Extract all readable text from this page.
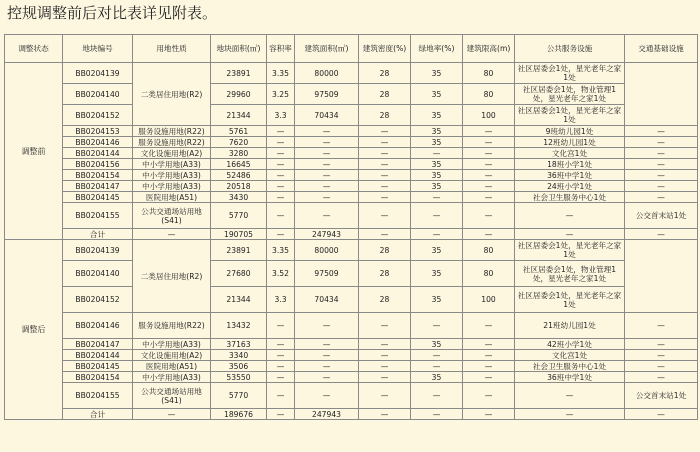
控规调整前后对比表详见附表。
调整状态	地块编号	用地性质	地块面积(㎡)	容积率	建筑面积(㎡)	建筑密度(%)	绿地率(%)	建筑限高(m)	公共服务设施	交通基础设施
调整前	BB0204139	二类居住用地(R2)	23891	3.35	80000	28	35	80	社区居委会1处，星光老年之家1处	
	BB0204140		29960	3.25	97509	28	35	80	社区居委会1处，物业管理1处，星光老年之家1处	
	BB0204152		21344	3.3	70434	28	35	100	社区居委会1处，星光老年之家1处	
	BB0204153	服务设施用地(R22)	5761	—	—	—	35	—	9班幼儿园1处	—
	BB0204146	服务设施用地(R22)	7620	—	—	—	35	—	12班幼儿园1处	—
	BB0204144	文化设施用地(A2)	3280	—	—	—	—	—	文化宫1处	—
	BB0204156	中小学用地(A33)	16645	—	—	—	35	—	18班小学1处	—
	BB0204154	中小学用地(A33)	52486	—	—	—	35	—	36班中学1处	—
	BB0204147	中小学用地(A33)	20518	—	—	—	35	—	24班小学1处	—
	BB0204145	医院用地(A51)	3430	—	—	—	—	—	社会卫生服务中心1处	—
	BB0204155	公共交通场站用地(S41)	5770	—	—	—	—	—	—	公交首末站1处
	合计	—	190705	—	247943	—	—	—	—	—
调整后	BB0204139	二类居住用地(R2)	23891	3.35	80000	28	35	80	社区居委会1处，星光老年之家1处	
	BB0204140		27680	3.52	97509	28	35	80	社区居委会1处，物业管理1处，星光老年之家1处	
	BB0204152		21344	3.3	70434	28	35	100	社区居委会1处，星光老年之家1处	
	BB0204146	服务设施用地(R22)	13432	—	—	—	—	—	21班幼儿园1处	—
	BB0204147	中小学用地(A33)	37163	—	—	—	35	—	42班小学1处	—
	BB0204144	文化设施用地(A2)	3340	—	—	—	—	—	文化宫1处	—
	BB0204145	医院用地(A51)	3506	—	—	—	—	—	社会卫生服务中心1处	—
	BB0204154	中小学用地(A33)	53550	—	—	—	35	—	36班中学1处	—
	BB0204155	公共交通场站用地(S41)	5770	—	—	—	—	—	—	公交首末站1处
	合计	—	189676	—	247943	—	—	—	—	—
